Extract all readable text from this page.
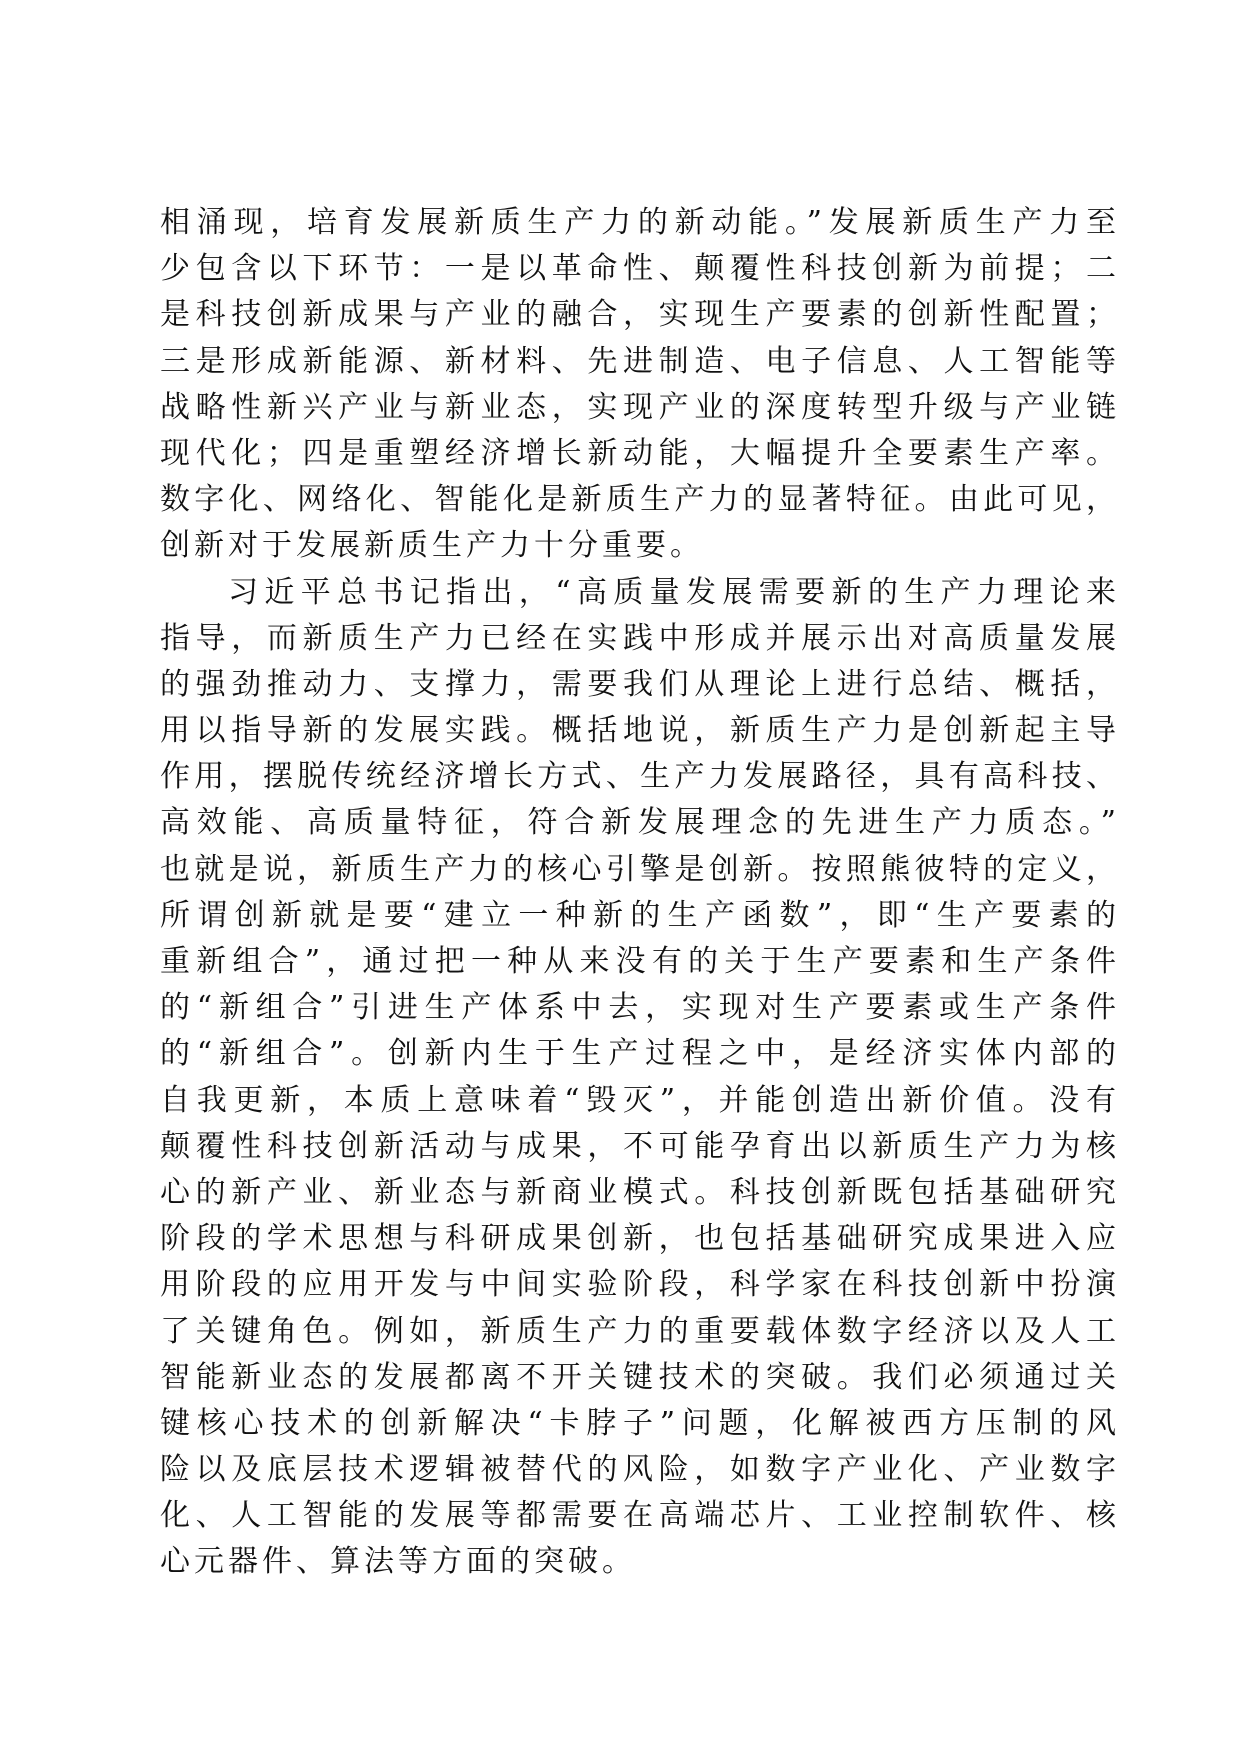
相涌现，培育发展新质生产力的新动能。”发展新质生产力至
少包含以下环节：一是以革命性、颠覆性科技创新为前提；二
是科技创新成果与产业的融合，实现生产要素的创新性配置；
三是形成新能源、新材料、先进制造、电子信息、人工智能等
战略性新兴产业与新业态，实现产业的深度转型升级与产业链
现代化；四是重塑经济增长新动能，大幅提升全要素生产率。
数字化、网络化、智能化是新质生产力的显著特征。由此可见，
创新对于发展新质生产力十分重要。
习近平总书记指出，“高质量发展需要新的生产力理论来
指导，而新质生产力已经在实践中形成并展示出对高质量发展
的强劲推动力、支撑力，需要我们从理论上进行总结、概括，
用以指导新的发展实践。概括地说，新质生产力是创新起主导
作用，摆脱传统经济增长方式、生产力发展路径，具有高科技、
高效能、高质量特征，符合新发展理念的先进生产力质态。”
也就是说，新质生产力的核心引擎是创新。按照熊彼特的定义，
所谓创新就是要“建立一种新的生产函数”，即“生产要素的
重新组合”，通过把一种从来没有的关于生产要素和生产条件
的“新组合”引进生产体系中去，实现对生产要素或生产条件
的“新组合”。创新内生于生产过程之中，是经济实体内部的
自我更新，本质上意味着“毁灭”，并能创造出新价值。没有
颠覆性科技创新活动与成果，不可能孕育出以新质生产力为核
心的新产业、新业态与新商业模式。科技创新既包括基础研究
阶段的学术思想与科研成果创新，也包括基础研究成果进入应
用阶段的应用开发与中间实验阶段，科学家在科技创新中扮演
了关键角色。例如，新质生产力的重要载体数字经济以及人工
智能新业态的发展都离不开关键技术的突破。我们必须通过关
键核心技术的创新解决“卡脖子”问题，化解被西方压制的风
险以及底层技术逻辑被替代的风险，如数字产业化、产业数字
化、人工智能的发展等都需要在高端芯片、工业控制软件、核
心元器件、算法等方面的突破。
